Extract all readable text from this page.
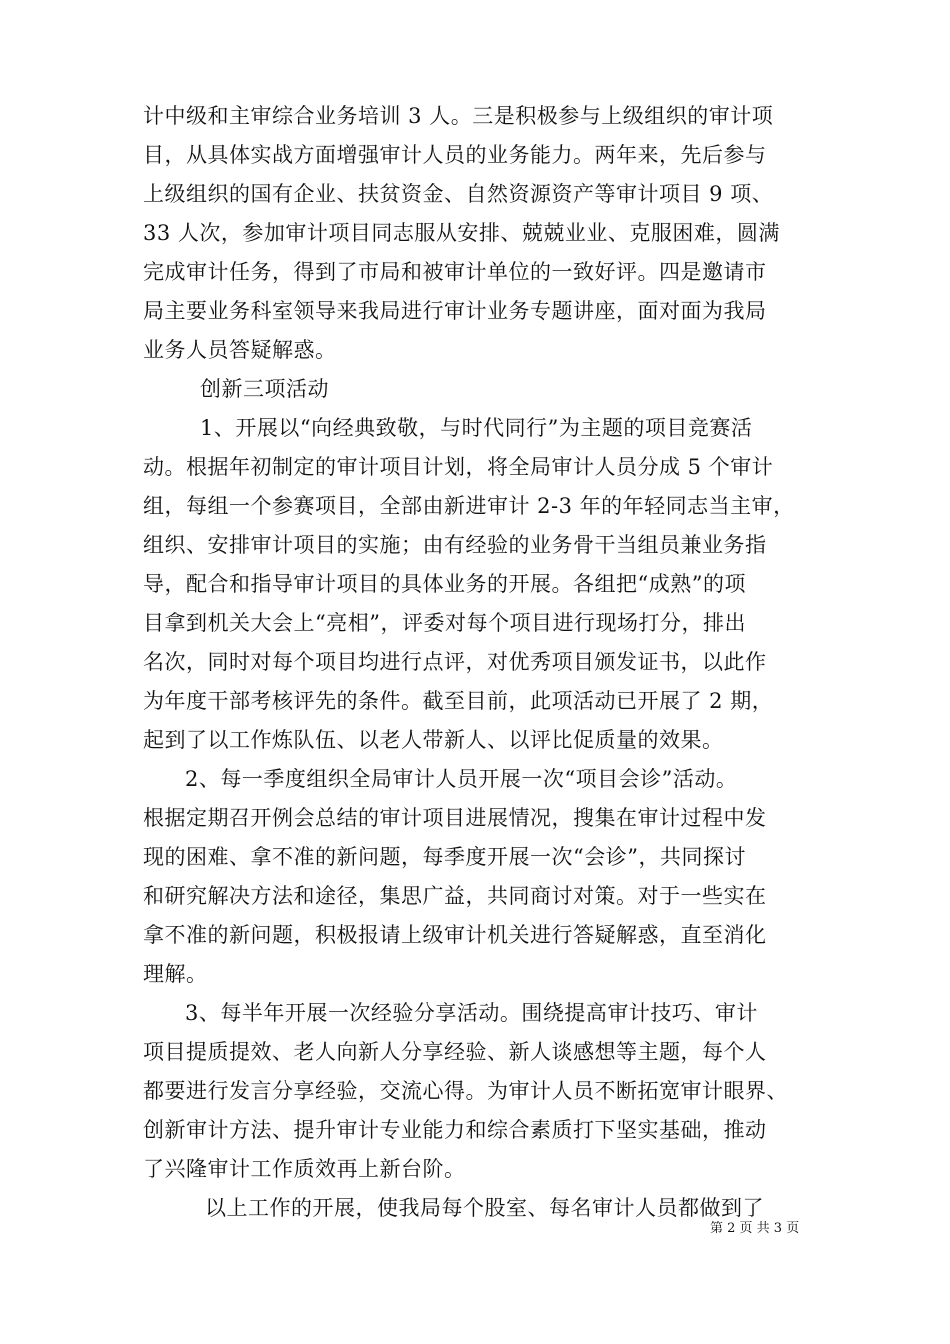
计中级和主审综合业务培训 3 人。三是积极参与上级组织的审计项
目，从具体实战方面增强审计人员的业务能力。两年来，先后参与
上级组织的国有企业、扶贫资金、自然资源资产等审计项目 9 项、
33 人次，参加审计项目同志服从安排、兢兢业业、克服困难，圆满
完成审计任务，得到了市局和被审计单位的一致好评。四是邀请市
局主要业务科室领导来我局进行审计业务专题讲座，面对面为我局
业务人员答疑解惑。
创新三项活动
1、开展以“向经典致敬，与时代同行”为主题的项目竞赛活
动。根据年初制定的审计项目计划，将全局审计人员分成 5 个审计
组，每组一个参赛项目，全部由新进审计 2-3 年的年轻同志当主审，
组织、安排审计项目的实施；由有经验的业务骨干当组员兼业务指
导，配合和指导审计项目的具体业务的开展。各组把“成熟”的项
目拿到机关大会上“亮相”，评委对每个项目进行现场打分，排出
名次，同时对每个项目均进行点评，对优秀项目颁发证书，以此作
为年度干部考核评先的条件。截至目前，此项活动已开展了 2 期，
起到了以工作炼队伍、以老人带新人、以评比促质量的效果。
2、每一季度组织全局审计人员开展一次“项目会诊”活动。
根据定期召开例会总结的审计项目进展情况，搜集在审计过程中发
现的困难、拿不准的新问题，每季度开展一次“会诊”，共同探讨
和研究解决方法和途径，集思广益，共同商讨对策。对于一些实在
拿不准的新问题，积极报请上级审计机关进行答疑解惑，直至消化
理解。
3、每半年开展一次经验分享活动。围绕提高审计技巧、审计
项目提质提效、老人向新人分享经验、新人谈感想等主题，每个人
都要进行发言分享经验，交流心得。为审计人员不断拓宽审计眼界、
创新审计方法、提升审计专业能力和综合素质打下坚实基础，推动
了兴隆审计工作质效再上新台阶。
以上工作的开展，使我局每个股室、每名审计人员都做到了
第 2 页 共 3 页
